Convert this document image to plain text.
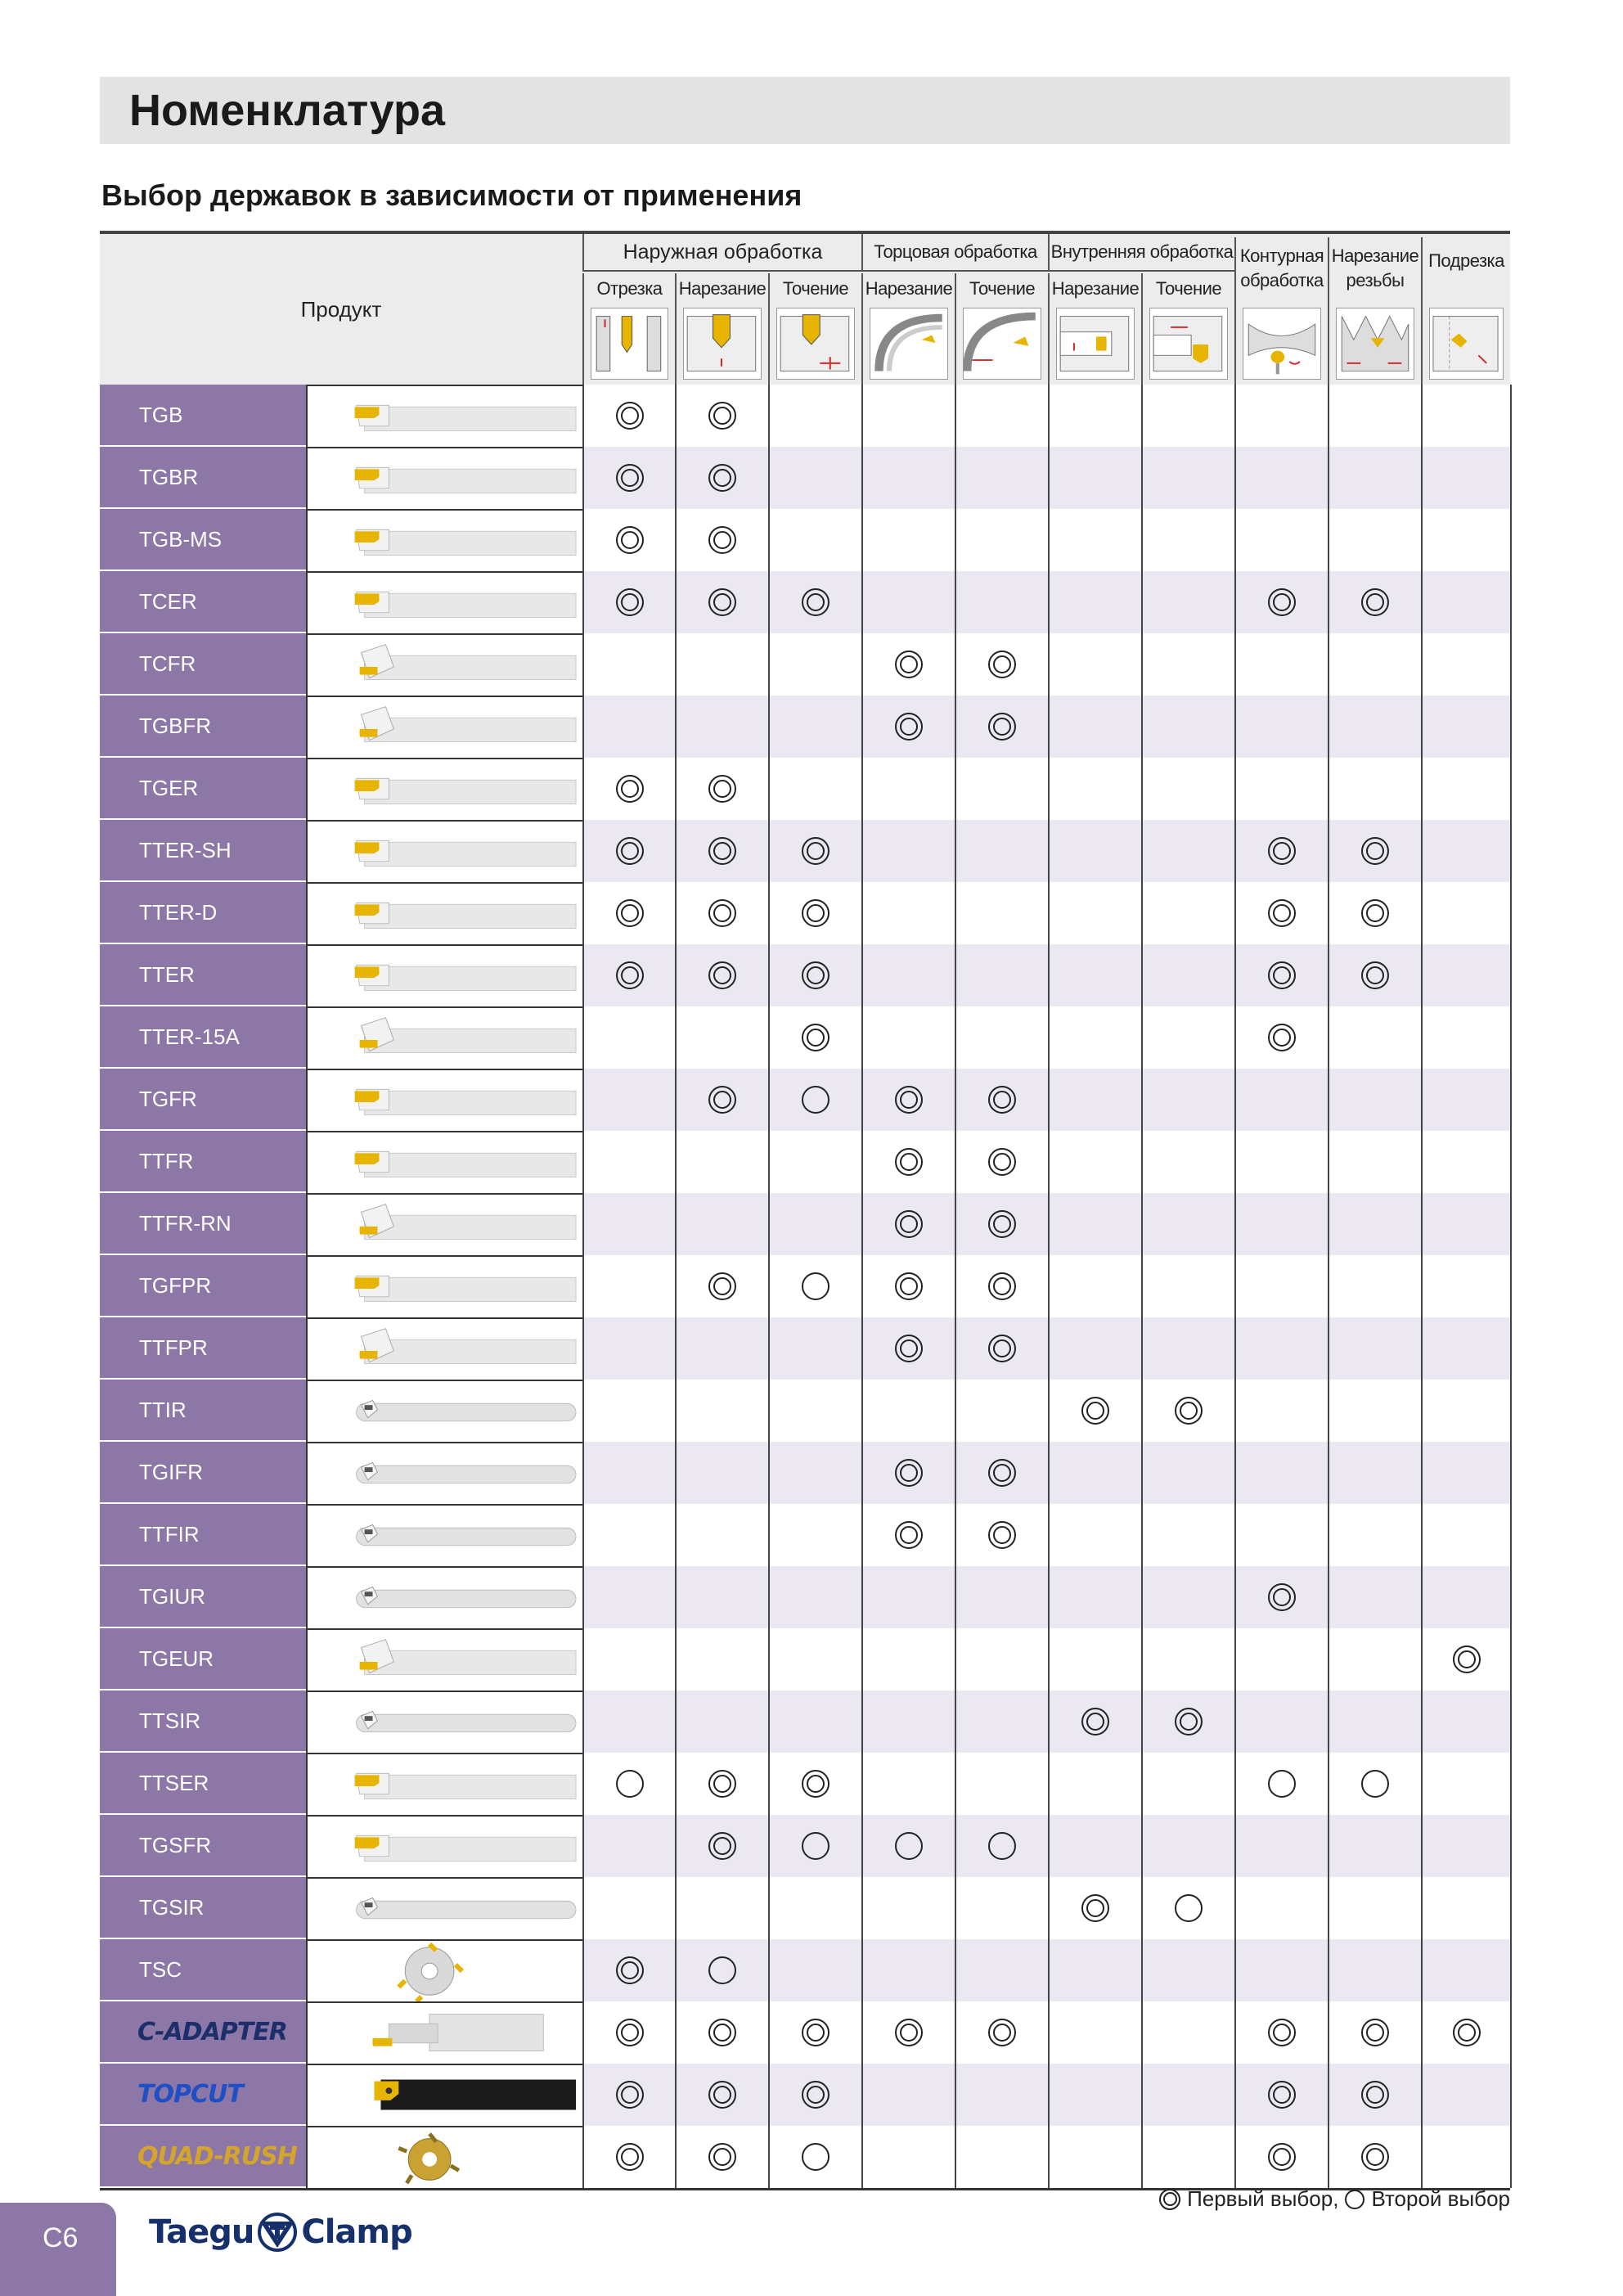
Номенклатура
Выбор державок в зависимости от применения
Продукт
Наружная обработка	Торцовая обработка Внутренняя обработка
Отрезка Нарезание Точение Нарезание Точение Нарезание Точение
Контурная обработка
Нарезание резьбы
Подрезка
TGB
TGBR
TGB-MS
TCER
TCFR
TGBFR
TGER
TTER-SH
TTER-D
TTER
TTER-15A
TGFR
TTFR
TTFR-RN
TGFPR
TTFPR
TTIR
TGIFR
TTFIR
TGIUR
TGEUR
TTSIR
TTSER
TGSFR
TGSIR
TSC
C-ADAPTER
TOPCUT
QUAD-RUSH
Первый выбор, Второй выбор
C6 Taegu Clamp
